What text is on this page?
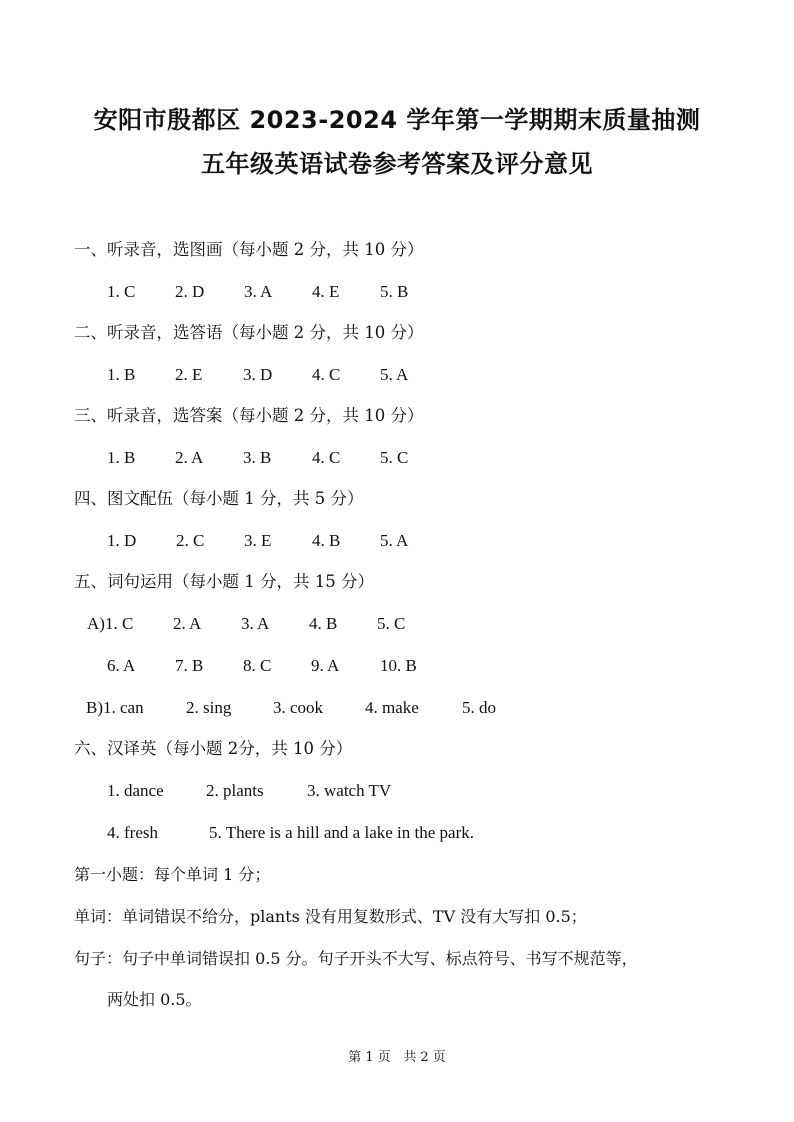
安阳市殷都区 2023-2024 学年第一学期期末质量抽测
五年级英语试卷参考答案及评分意见
一、听录音，选图画（每小题 2 分，共 10 分）
1. C 2. D 3. A 4. E 5. B
二、听录音，选答语（每小题 2 分，共 10 分）
1. B 2. E 3. D 4. C 5. A
三、听录音，选答案（每小题 2 分，共 10 分）
1. B 2. A 3. B 4. C 5. C
四、图文配伍（每小题 1 分，共 5 分）
1. D 2. C 3. E 4. B 5. A
五、词句运用（每小题 1 分，共 15 分）
A)1. C 2. A 3. A 4. B 5. C
6. A 7. B 8. C 9. A 10. B
B)1. can 2. sing 3. cook 4. make	5. do
六、汉译英（每小题 2分，共 10 分）
1. dance 2. plants	3. watch TV
4. fresh	5. There is a hill and a lake in the park.
第一小题：每个单词 1 分；
单词：单词错误不给分，plants 没有用复数形式、TV 没有大写扣 0.5；
句子：句子中单词错误扣 0.5 分。句子开头不大写、标点符号、书写不规范等，
两处扣 0.5。
第 1 页   共 2 页
